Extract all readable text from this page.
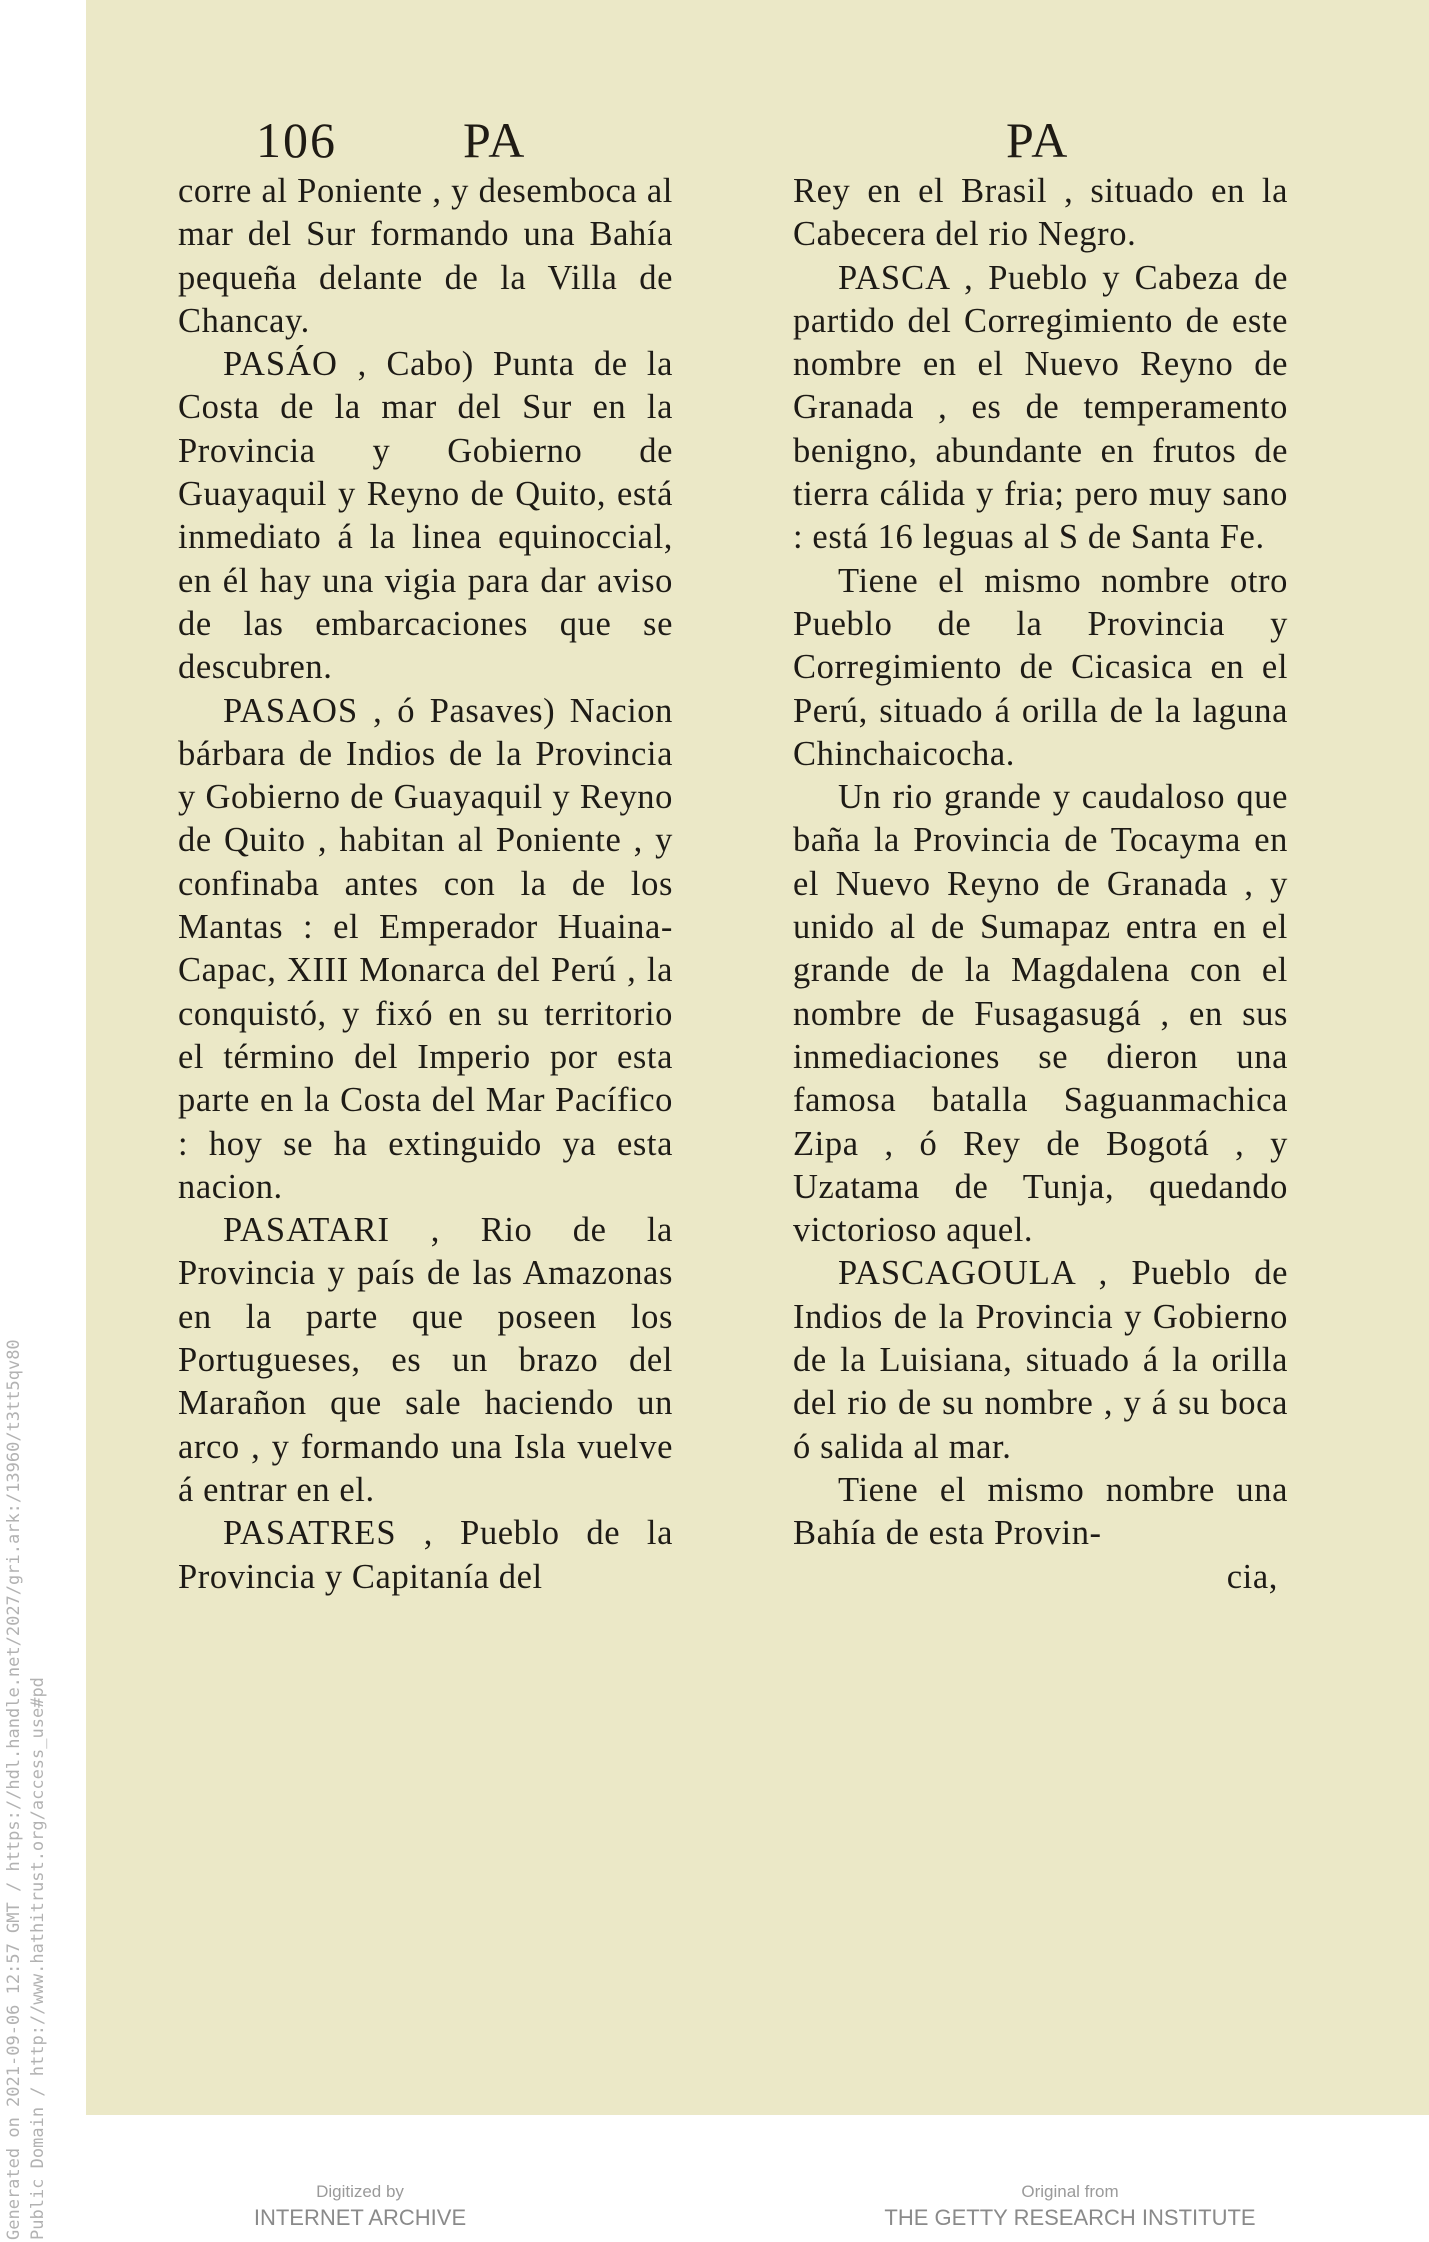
106	PA	PA

corre al Poniente , y desemboca al mar del Sur formando una Bahía pequeña delante de la Villa de Chancay.

PASÁO , Cabo) Punta de la Costa de la mar del Sur en la Provincia y Gobierno de Guayaquil y Reyno de Quito, está inmediato á la linea equinoccial, en él hay una vigia para dar aviso de las embarcaciones que se descubren.

PASAOS , ó Pasaves) Nacion bárbara de Indios de la Provincia y Gobierno de Guayaquil y Reyno de Quito , habitan al Poniente , y confinaba antes con la de los Mantas : el Emperador Huaina-Capac, XIII Monarca del Perú , la conquistó, y fixó en su territorio el término del Imperio por esta parte en la Costa del Mar Pacífico : hoy se ha extinguido ya esta nacion.

PASATARI , Rio de la Provincia y país de las Amazonas en la parte que poseen los Portugueses, es un brazo del Marañon que sale haciendo un arco , y formando una Isla vuelve á entrar en el.

PASATRES , Pueblo de la Provincia y Capitanía del

Rey en el Brasil , situado en la Cabecera del rio Negro.

PASCA , Pueblo y Cabeza de partido del Corregimiento de este nombre en el Nuevo Reyno de Granada , es de temperamento benigno, abundante en frutos de tierra cálida y fria; pero muy sano : está 16 leguas al S de Santa Fe.

Tiene el mismo nombre otro Pueblo de la Provincia y Corregimiento de Cicasica en el Perú, situado á orilla de la laguna Chinchaicocha.

Un rio grande y caudaloso que baña la Provincia de Tocayma en el Nuevo Reyno de Granada , y unido al de Sumapaz entra en el grande de la Magdalena con el nombre de Fusagasugá , en sus inmediaciones se dieron una famosa batalla Saguanmachica Zipa , ó Rey de Bogotá , y Uzatama de Tunja, quedando victorioso aquel.

PASCAGOULA , Pueblo de Indios de la Provincia y Gobierno de la Luisiana, situado á la orilla del rio de su nombre , y á su boca ó salida al mar.

Tiene el mismo nombre una Bahía de esta Provin-

cia,

Generated on 2021-09-06 12:57 GMT / https://hdl.handle.net/2027/gri.ark:/13960/t3tt5qv80 Public Domain / http://www.hathitrust.org/access_use#pd	Digitized by
INTERNET ARCHIVE
Original from
THE GETTY RESEARCH INSTITUTE
